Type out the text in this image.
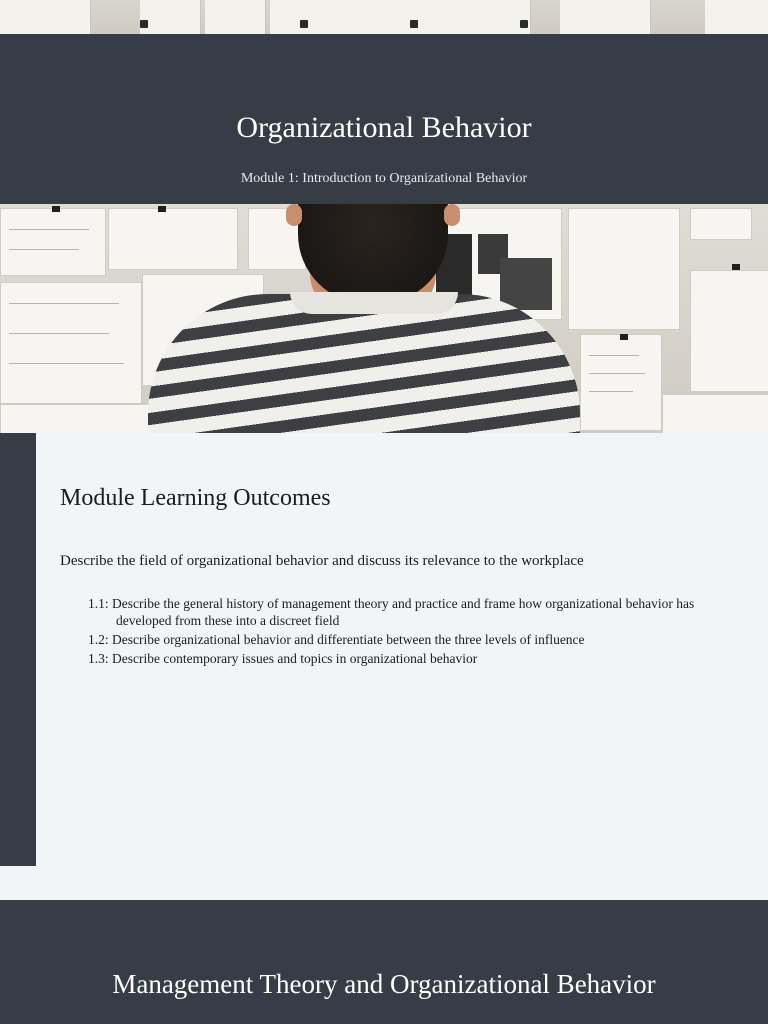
Organizational Behavior
Module 1: Introduction to Organizational Behavior
Module Learning Outcomes
Describe the field of organizational behavior and discuss its relevance to the workplace
1.1: Describe the general history of management theory and practice and frame how organizational behavior has developed from these into a discreet field
1.2: Describe organizational behavior and differentiate between the three levels of influence
1.3: Describe contemporary issues and topics in organizational behavior
Management Theory and Organizational Behavior
